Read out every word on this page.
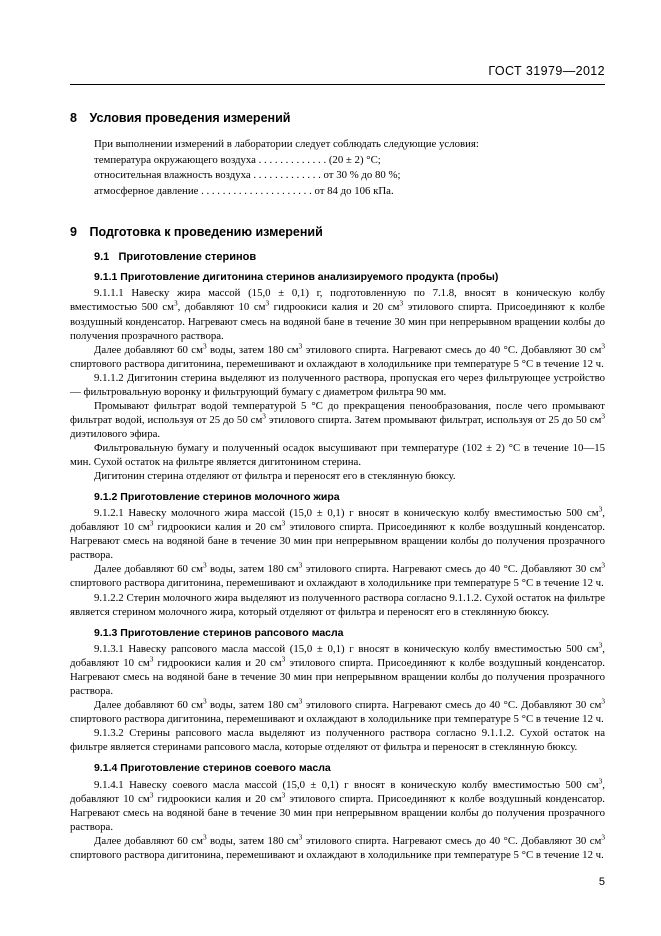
ГОСТ 31979—2012
8 Условия проведения измерений

При выполнении измерений в лаборатории следует соблюдать следующие условия:

температура окружающего воздуха . . . . . . . . . . . . . (20 ± 2) °С;

относительная влажность воздуха . . . . . . . . . . . . . от 30 % до 80 %;

атмосферное давление . . . . . . . . . . . . . . . . . . . . . от 84 до 106 кПа.

9 Подготовка к проведению измерений
9.1 Приготовление стеринов
9.1.1 Приготовление дигитонина стеринов анализируемого продукта (пробы)

9.1.1.1 Навеску жира массой (15,0 ± 0,1) г, подготовленную по 7.1.8, вносят в коническую колбу вместимостью 500 $см^3$, добавляют 10 $см^3$ гидроокиси калия и 20 $см^3$ этилового спирта. Присоединяют к колбе воздушный конденсатор. Нагревают смесь на водяной бане в течение 30 мин при непрерывном вращении колбы до получения прозрачного раствора.

Далее добавляют 60 $см^3$ воды, затем 180 $см^3$ этилового спирта. Нагревают смесь до 40 °С. Добавляют 30 $см^3$ спиртового раствора дигитонина, перемешивают и охлаждают в холодильнике при температуре 5 °С в течение 12 ч.

9.1.1.2 Дигитонин стерина выделяют из полученного раствора, пропуская его через фильтрующее устройство — фильтровальную воронку и фильтрующий бумагу с диаметром фильтра 90 мм.

Промывают фильтрат водой температурой 5 °С до прекращения пенообразования, после чего промывают фильтрат водой, используя от 25 до 50 $см^3$ этилового спирта. Затем промывают фильтрат, используя от 25 до 50 $см^3$ диэтилового эфира.

Фильтровальную бумагу и полученный осадок высушивают при температуре (102 ± 2) °С в течение 10—15 мин. Сухой остаток на фильтре является дигитонином стерина.

Дигитонин стерина отделяют от фильтра и переносят его в стеклянную бюксу.

9.1.2 Приготовление стеринов молочного жира

9.1.2.1 Навеску молочного жира массой (15,0 ± 0,1) г вносят в коническую колбу вместимостью 500 $см^3$, добавляют 10 $см^3$ гидроокиси калия и 20 $см^3$ этилового спирта. Присоединяют к колбе воздушный конденсатор. Нагревают смесь на водяной бане в течение 30 мин при непрерывном вращении колбы до получения прозрачного раствора.

Далее добавляют 60 $см^3$ воды, затем 180 $см^3$ этилового спирта. Нагревают смесь до 40 °С. Добавляют 30 $см^3$ спиртового раствора дигитонина, перемешивают и охлаждают в холодильнике при температуре 5 °С в течение 12 ч.

9.1.2.2 Стерин молочного жира выделяют из полученного раствора согласно 9.1.1.2. Сухой остаток на фильтре является стерином молочного жира, который отделяют от фильтра и переносят его в стеклянную бюксу.

9.1.3 Приготовление стеринов рапсового масла

9.1.3.1 Навеску рапсового масла массой (15,0 ± 0,1) г вносят в коническую колбу вместимостью 500 $см^3$, добавляют 10 $см^3$ гидроокиси калия и 20 $см^3$ этилового спирта. Присоединяют к колбе воздушный конденсатор. Нагревают смесь на водяной бане в течение 30 мин при непрерывном вращении колбы до получения прозрачного раствора.

Далее добавляют 60 $см^3$ воды, затем 180 $см^3$ этилового спирта. Нагревают смесь до 40 °С. Добавляют 30 $см^3$ спиртового раствора дигитонина, перемешивают и охлаждают в холодильнике при температуре 5 °С в течение 12 ч.

9.1.3.2 Стерины рапсового масла выделяют из полученного раствора согласно 9.1.1.2. Сухой остаток на фильтре является стеринами рапсового масла, которые отделяют от фильтра и переносят в стеклянную бюксу.

9.1.4 Приготовление стеринов соевого масла

9.1.4.1 Навеску соевого масла массой (15,0 ± 0,1) г вносят в коническую колбу вместимостью 500 $см^3$, добавляют 10 $см^3$ гидроокиси калия и 20 $см^3$ этилового спирта. Присоединяют к колбе воздушный конденсатор. Нагревают смесь на водяной бане в течение 30 мин при непрерывном вращении колбы до получения прозрачного раствора.

Далее добавляют 60 $см^3$ воды, затем 180 $см^3$ этилового спирта. Нагревают смесь до 40 °С. Добавляют 30 $см^3$ спиртового раствора дигитонина, перемешивают и охлаждают в холодильнике при температуре 5 °С в течение 12 ч.

5
